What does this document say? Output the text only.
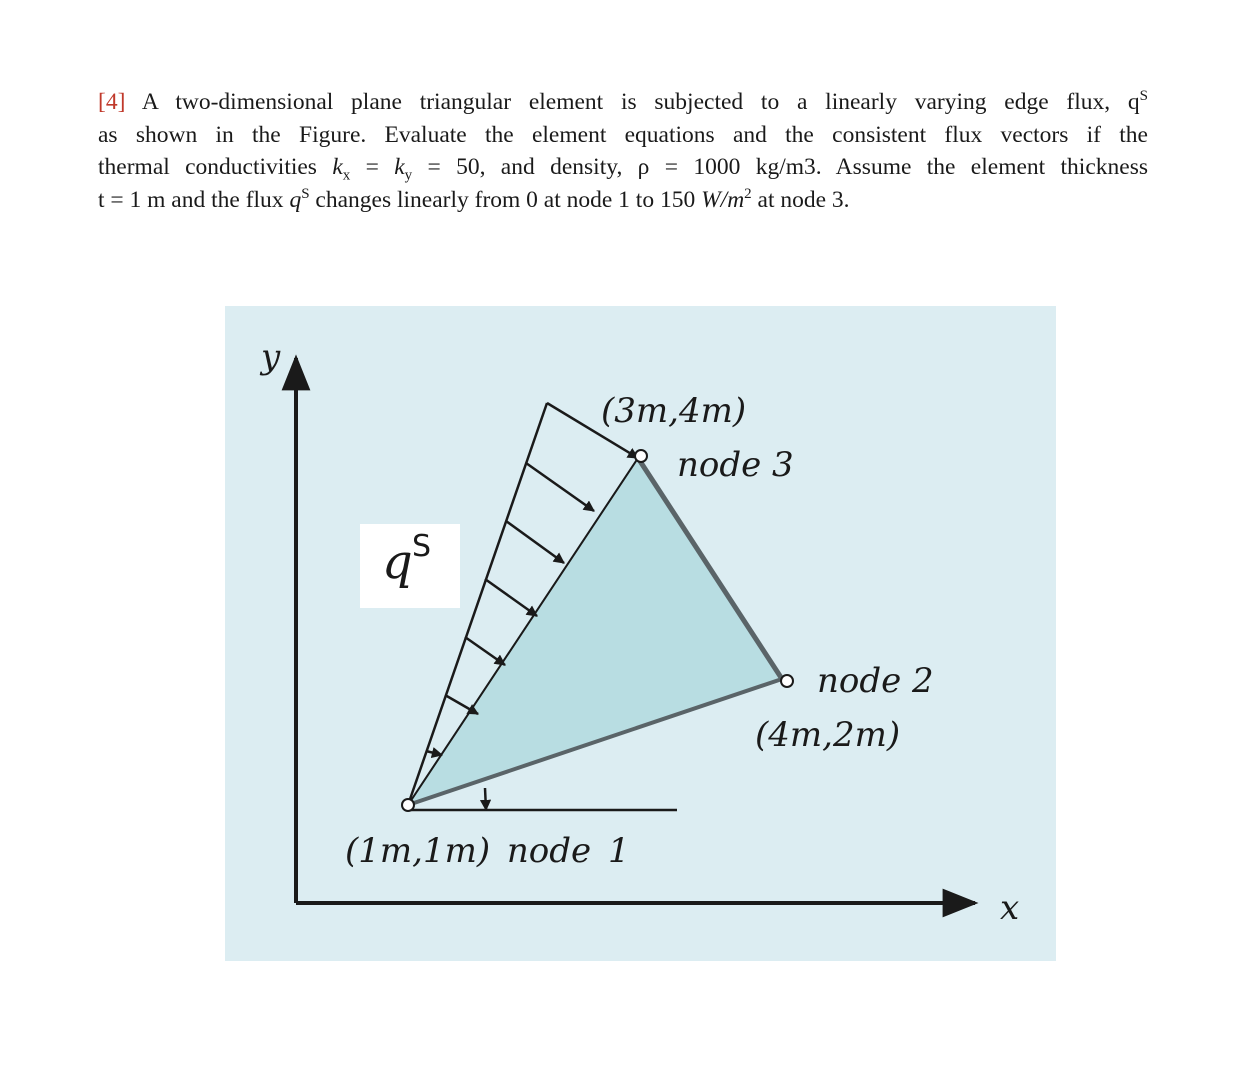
[4] A two-dimensional plane triangular element is subjected to a linearly varying edge flux, $q^S$
as shown in the Figure. Evaluate the element equations and the consistent flux vectors if the
thermal conductivities $k_x = k_y = 50$, and density, ρ = 1000 kg/m3. Assume the element thickness
t = 1 m and the flux $q^S$ changes linearly from 0 at node 1 to 150 $W/m^2$ at node 3.
y
x
q S
(3m,4m)
node 3
node 2
(4m,2m)
(1m,1m) node 1
